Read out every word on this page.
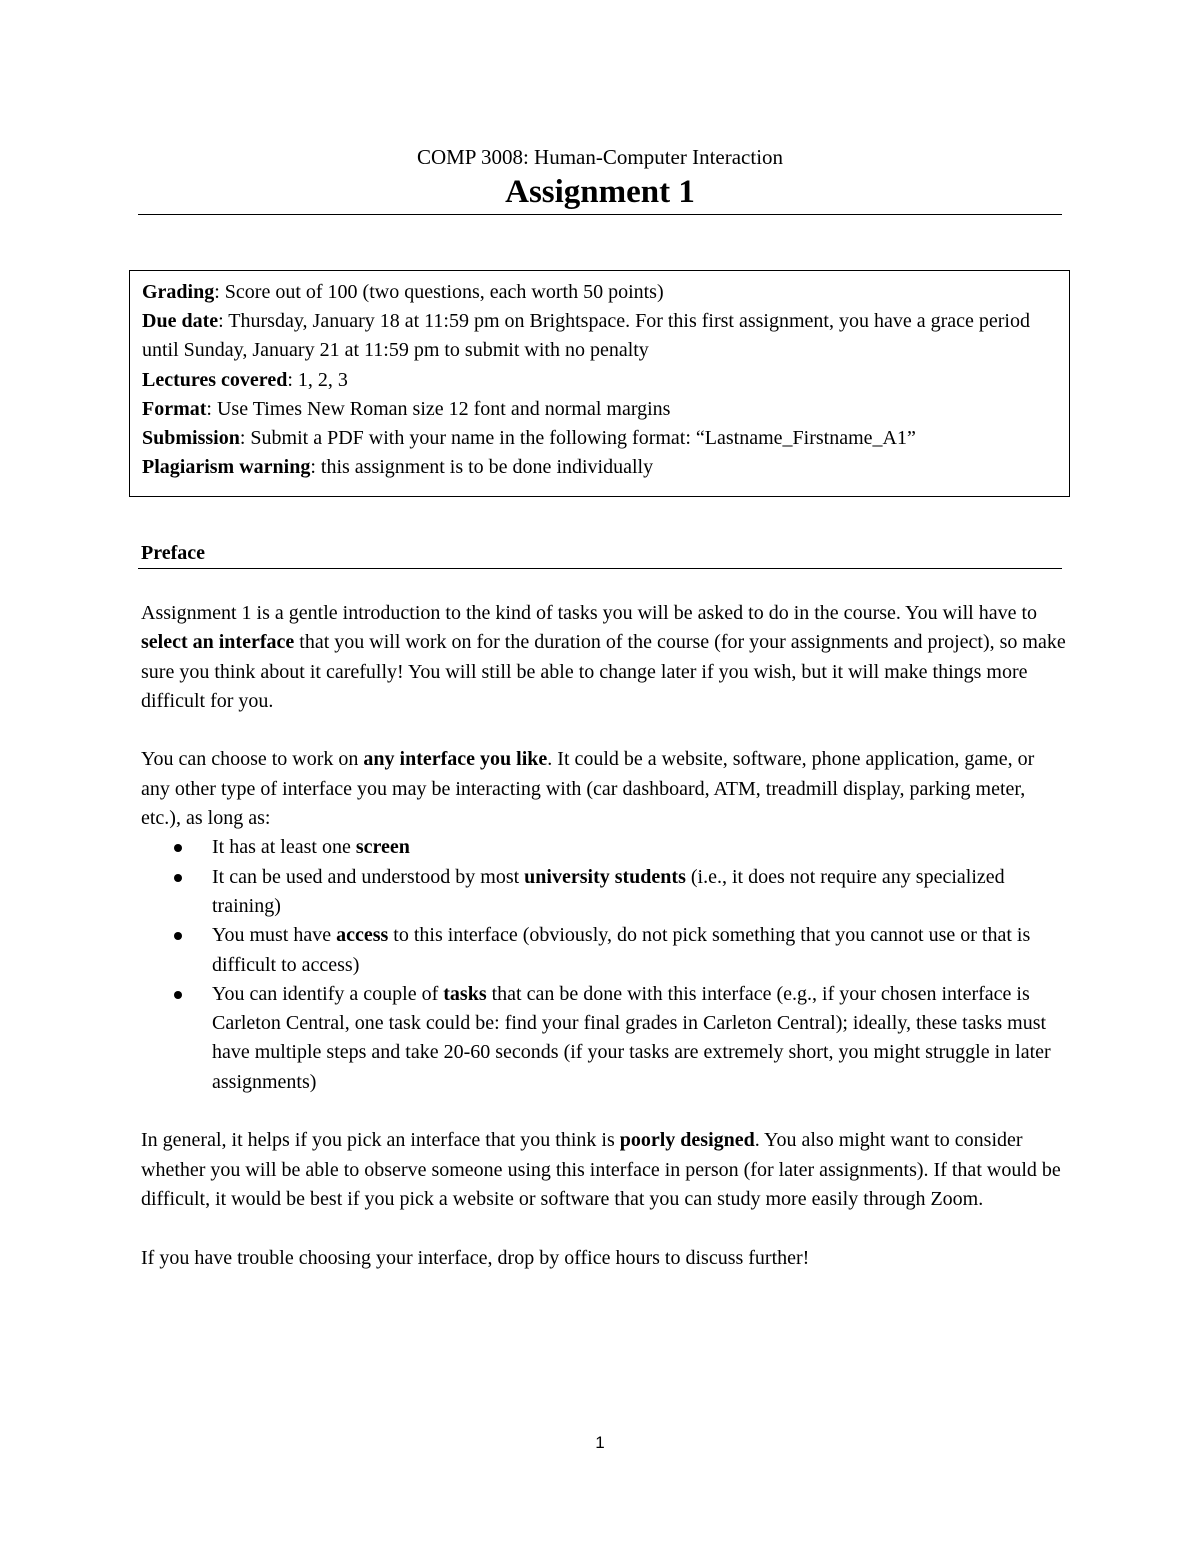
COMP 3008: Human-Computer Interaction
Assignment 1

Grading: Score out of 100 (two questions, each worth 50 points)

Due date: Thursday, January 18 at 11:59 pm on Brightspace. For this first assignment, you have a grace period until Sunday, January 21 at 11:59 pm to submit with no penalty

Lectures covered: 1, 2, 3

Format: Use Times New Roman size 12 font and normal margins

Submission: Submit a PDF with your name in the following format: “Lastname_Firstname_A1”

Plagiarism warning: this assignment is to be done individually

Preface

Assignment 1 is a gentle introduction to the kind of tasks you will be asked to do in the course. You will have to select an interface that you will work on for the duration of the course (for your assignments and project), so make sure you think about it carefully! You will still be able to change later if you wish, but it will make things more difficult for you.

You can choose to work on any interface you like. It could be a website, software, phone application, game, or any other type of interface you may be interacting with (car dashboard, ATM, treadmill display, parking meter, etc.), as long as:

It has at least one screen
It can be used and understood by most university students (i.e., it does not require any specialized training)
You must have access to this interface (obviously, do not pick something that you cannot use or that is difficult to access)
You can identify a couple of tasks that can be done with this interface (e.g., if your chosen interface is Carleton Central, one task could be: find your final grades in Carleton Central); ideally, these tasks must have multiple steps and take 20-60 seconds (if your tasks are extremely short, you might struggle in later assignments)

In general, it helps if you pick an interface that you think is poorly designed. You also might want to consider whether you will be able to observe someone using this interface in person (for later assignments). If that would be difficult, it would be best if you pick a website or software that you can study more easily through Zoom.

If you have trouble choosing your interface, drop by office hours to discuss further!

1
